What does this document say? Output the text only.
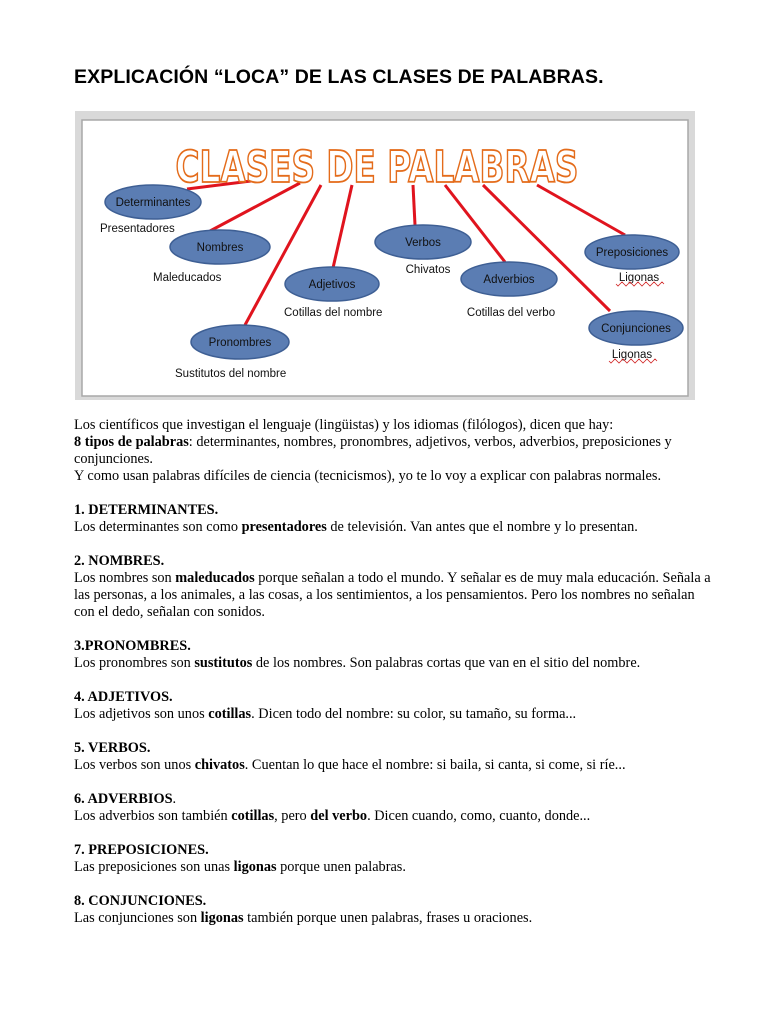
EXPLICACIÓN “LOCA” DE LAS CLASES DE PALABRAS.
CLASES DE PALABRAS
Determinantes
Presentadores
Nombres
Maleducados
Adjetivos
Cotillas del nombre
Pronombres
Sustitutos del nombre
Verbos
Chivatos
Adverbios
Cotillas del verbo
Preposiciones
Ligonas
Conjunciones
Ligonas

Los científicos que investigan el lenguaje (lingüistas) y los idiomas (filólogos), dicen que hay:

8 tipos de palabras: determinantes, nombres, pronombres, adjetivos, verbos, adverbios, preposiciones y conjunciones.

Y como usan palabras difíciles de ciencia (tecnicismos), yo te lo voy a explicar con palabras normales.

1. DETERMINANTES.

Los determinantes son como presentadores de televisión. Van antes que el nombre y lo presentan.

2. NOMBRES.

Los nombres son maleducados porque señalan a todo el mundo. Y señalar es de muy mala educación. Señala a las personas, a los animales, a las cosas, a los sentimientos, a los pensamientos. Pero los nombres no señalan con el dedo, señalan con sonidos.

3.PRONOMBRES.

Los pronombres son sustitutos de los nombres. Son palabras cortas que van en el sitio del nombre.

4. ADJETIVOS.

Los adjetivos son unos cotillas. Dicen todo del nombre: su color, su tamaño, su forma...

5. VERBOS.

Los verbos son unos chivatos. Cuentan lo que hace el nombre: si baila, si canta, si come, si ríe...

6. ADVERBIOS.

Los adverbios son también cotillas, pero del verbo. Dicen cuando, como, cuanto, donde...

7. PREPOSICIONES.

Las preposiciones son unas ligonas porque unen palabras.

8. CONJUNCIONES.

Las conjunciones son ligonas también porque unen palabras, frases u oraciones.
